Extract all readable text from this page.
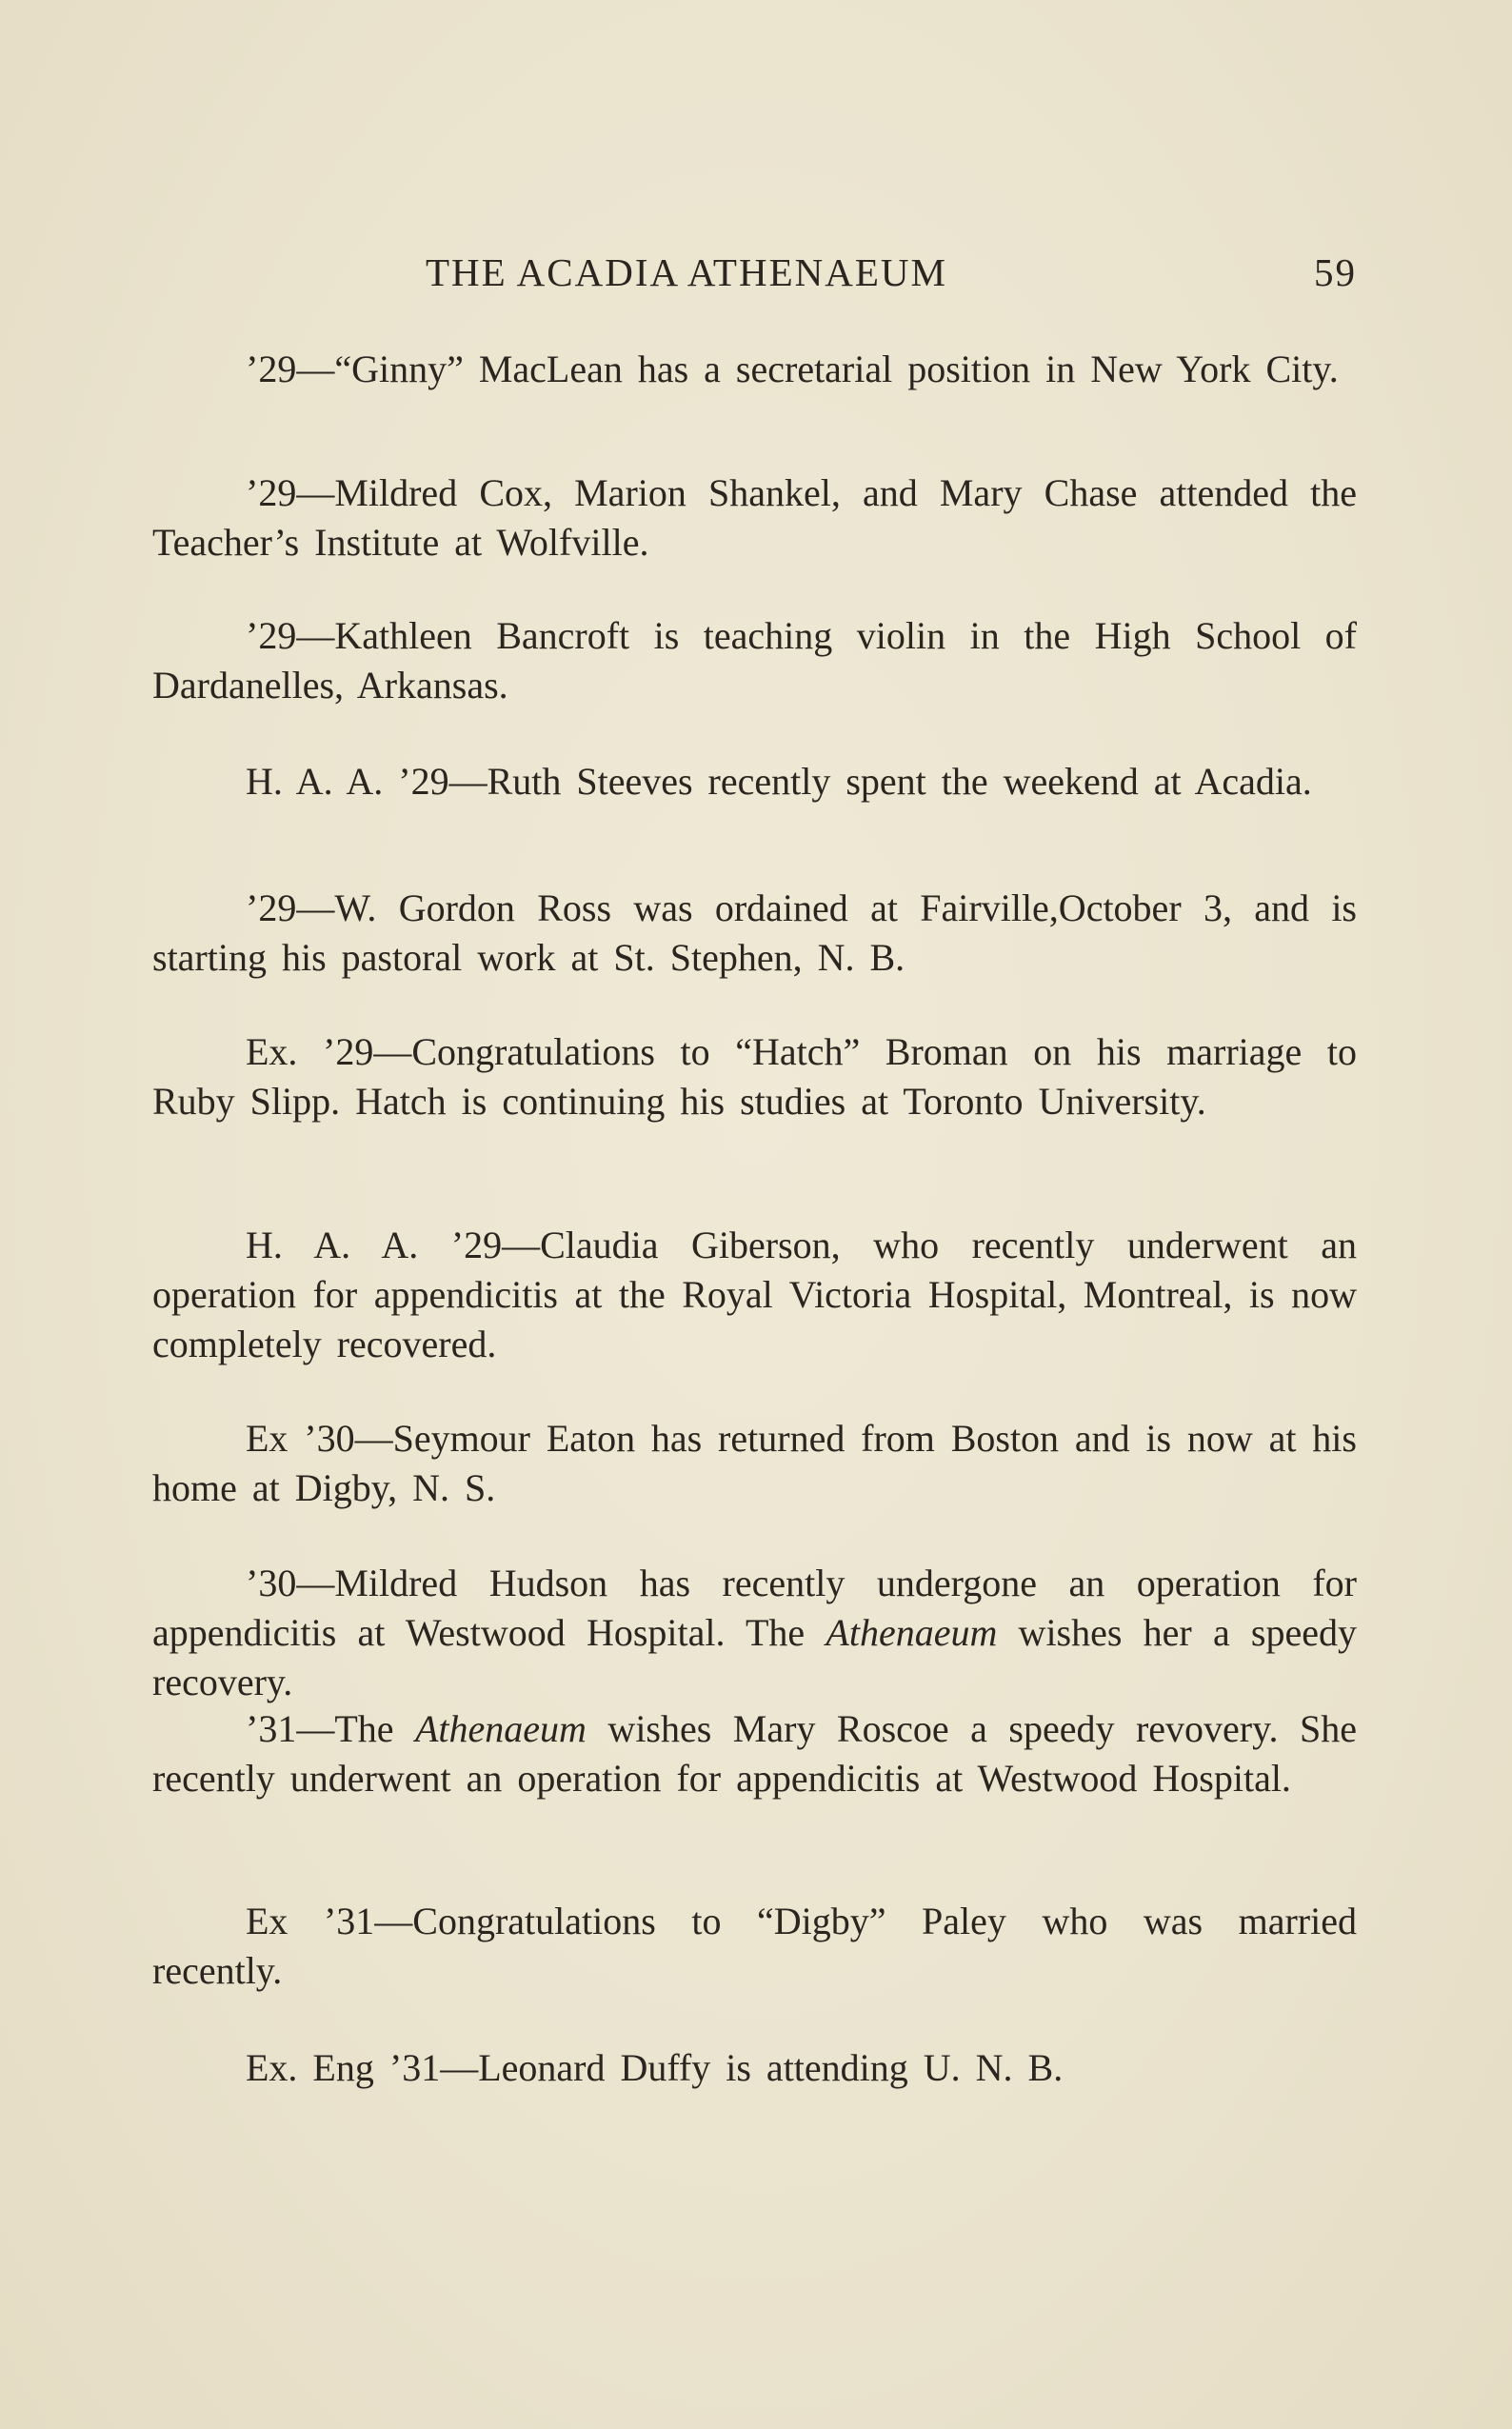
THE ACADIA ATHENAEUM	59

’29—“Ginny” MacLean has a secretarial position in New York City.

’29—Mildred Cox, Marion Shankel, and Mary Chase attended the Teacher’s Institute at Wolfville.

’29—Kathleen Bancroft is teaching violin in the High School of Dardanelles, Arkansas.

H. A. A. ’29—Ruth Steeves recently spent the weekend at Acadia.

’29—W. Gordon Ross was ordained at Fairville,October 3, and is starting his pastoral work at St. Stephen, N. B.

Ex. ’29—Congratulations to “Hatch” Broman on his marriage to Ruby Slipp. Hatch is continuing his studies at Toronto University.

H. A. A. ’29—Claudia Giberson, who recently underwent an operation for appendicitis at the Royal Victoria Hospital, Montreal, is now completely recovered.

Ex ’30—Seymour Eaton has returned from Boston and is now at his home at Digby, N. S.

’30—Mildred Hudson has recently undergone an operation for appendicitis at Westwood Hospital. The Athenaeum wishes her a speedy recovery.

’31—The Athenaeum wishes Mary Roscoe a speedy revovery. She recently underwent an operation for appendicitis at Westwood Hospital.

Ex ’31—Congratulations to “Digby” Paley who was married recently.

Ex. Eng ’31—Leonard Duffy is attending U. N. B.
